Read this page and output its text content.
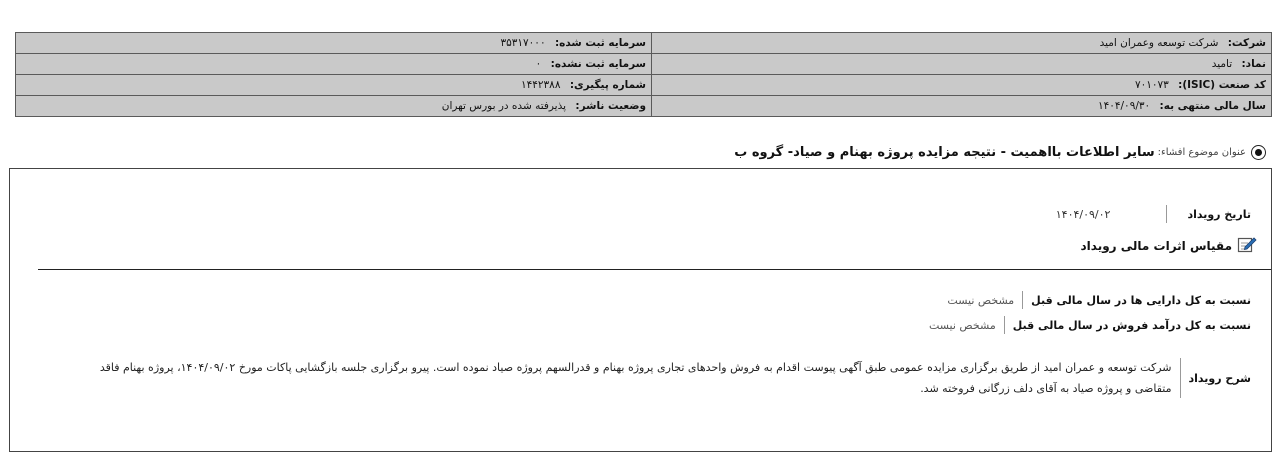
شرکت: شرکت توسعه وعمران امید	سرمایه ثبت شده: ۳۵۳۱۷۰۰۰
نماد: تامید	سرمایه ثبت نشده: ۰
کد صنعت (ISIC): ۷۰۱۰۷۳	شماره پیگیری: ۱۴۴۲۳۸۸
سال مالی منتهی به: ۱۴۰۴/۰۹/۳۰	وضعیت ناشر: پذیرفته شده در بورس تهران
عنوان موضوع افشاء:
سایر اطلاعات بااهمیت - نتیجه مزایده پروژه بهنام و صیاد- گروه ب
تاریخ رویداد
۱۴۰۴/۰۹/۰۲
مقیاس اثرات مالی رویداد
نسبت به کل دارایی ها در سال مالی قبل
مشخص نیست
نسبت به کل درآمد فروش در سال مالی قبل
مشخص نیست
شرح رویداد
شرکت توسعه و عمران امید از طریق برگزاری مزایده عمومی طبق آگهی پیوست اقدام به فروش واحدهای تجاری پروژه بهنام و قدرالسهم پروژه صیاد نموده است. پیرو برگزاری جلسه بازگشایی پاکات مورخ ۱۴۰۴/۰۹/۰۲، پروژه بهنام فاقد متقاضی و پروژه صیاد به آقای دلف زرگانی فروخته شد.
